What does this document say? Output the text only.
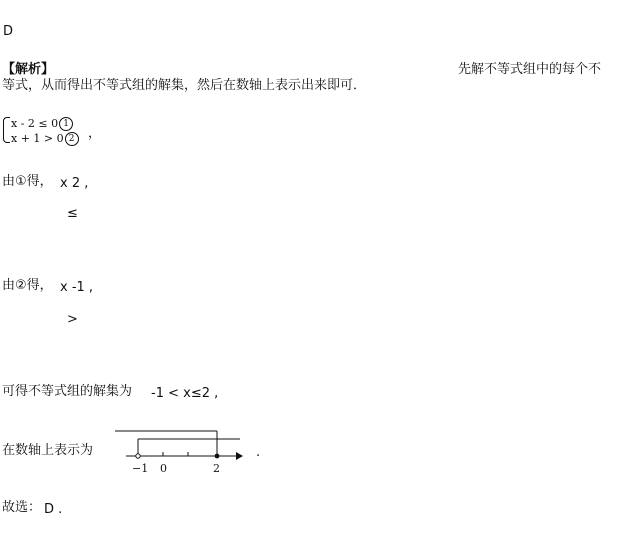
D
【解析】	先解不等式组中的每个不
等式，从而得出不等式组的解集，然后在数轴上表示出来即可．
x - 2 ≤ 0 1
x + 1 > 0 2	，
由①得， x 2 ,
≤
由②得， x -1 ,
>
可得不等式组的解集为 -1 < x≤2 ,
在数轴上表示为
−1 0	2
.
故选： D .
